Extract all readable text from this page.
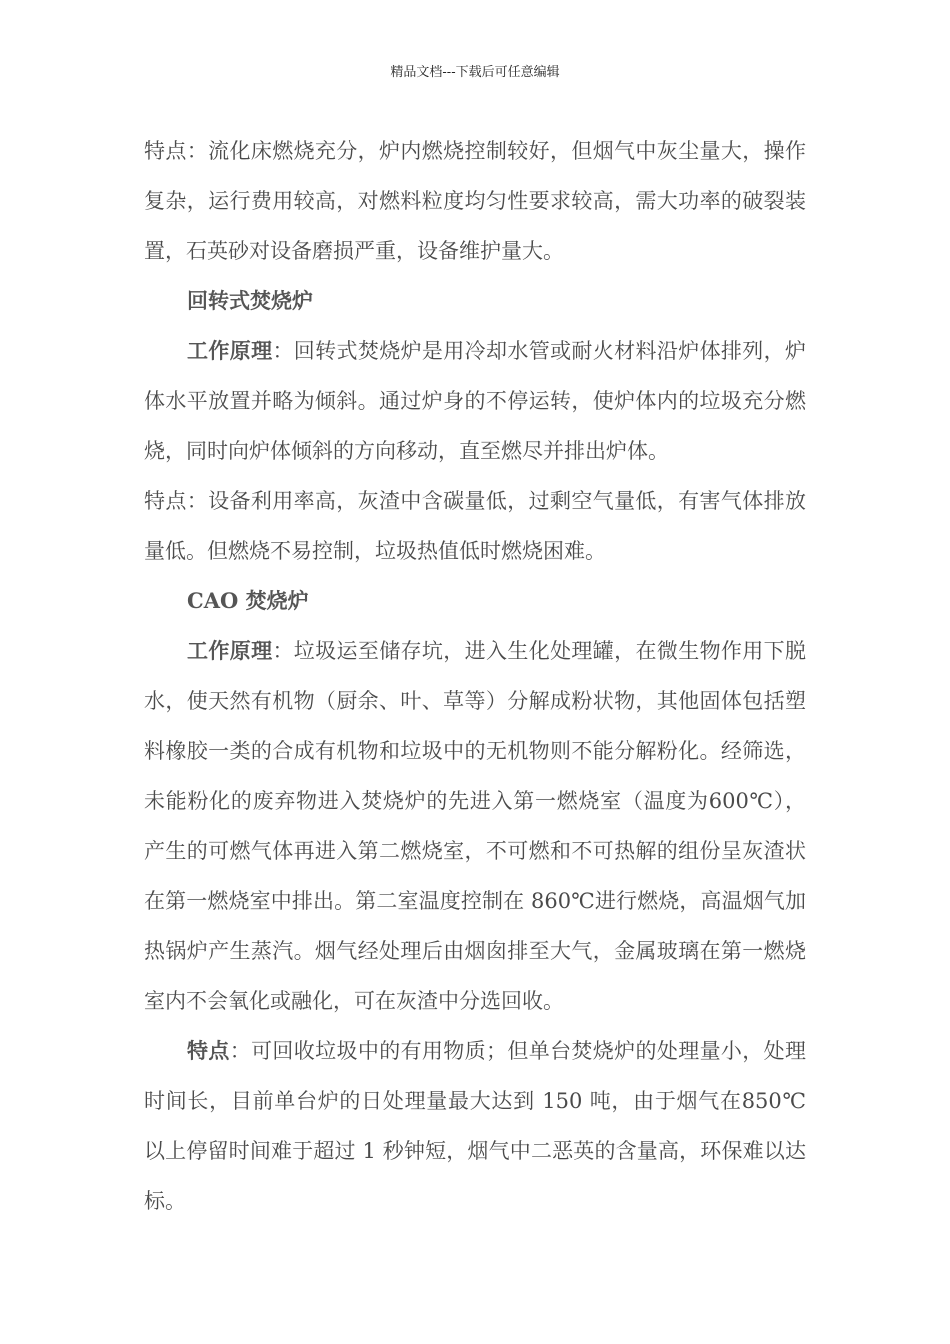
精品文档---下载后可任意编辑

特点：流化床燃烧充分，炉内燃烧控制较好，但烟气中灰尘量大，操作复杂，运行费用较高，对燃料粒度均匀性要求较高，需大功率的破裂装置，石英砂对设备磨损严重，设备维护量大。

回转式焚烧炉

工作原理：回转式焚烧炉是用冷却水管或耐火材料沿炉体排列，炉体水平放置并略为倾斜。通过炉身的不停运转，使炉体内的垃圾充分燃烧，同时向炉体倾斜的方向移动，直至燃尽并排出炉体。

特点：设备利用率高，灰渣中含碳量低，过剩空气量低，有害气体排放量低。但燃烧不易控制，垃圾热值低时燃烧困难。

CAO 焚烧炉

工作原理：垃圾运至储存坑，进入生化处理罐，在微生物作用下脱水，使天然有机物（厨余、叶、草等）分解成粉状物，其他固体包括塑料橡胶一类的合成有机物和垃圾中的无机物则不能分解粉化。经筛选，未能粉化的废弃物进入焚烧炉的先进入第一燃烧室（温度为600℃），产生的可燃气体再进入第二燃烧室，不可燃和不可热解的组份呈灰渣状在第一燃烧室中排出。第二室温度控制在 860℃进行燃烧，高温烟气加热锅炉产生蒸汽。烟气经处理后由烟囱排至大气，金属玻璃在第一燃烧室内不会氧化或融化，可在灰渣中分选回收。

特点：可回收垃圾中的有用物质；但单台焚烧炉的处理量小，处理时间长，目前单台炉的日处理量最大达到 150 吨，由于烟气在850℃以上停留时间难于超过 1 秒钟短，烟气中二恶英的含量高，环保难以达标。
